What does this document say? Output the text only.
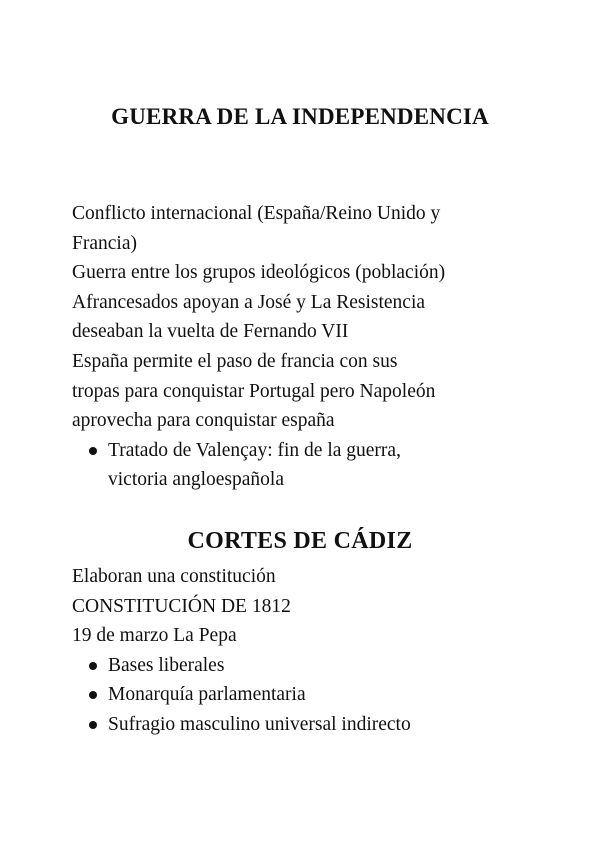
GUERRA DE LA INDEPENDENCIA
Conflicto internacional (España/Reino Unido y
Francia)
Guerra entre los grupos ideológicos (población)
Afrancesados apoyan a José y La Resistencia
deseaban la vuelta de Fernando VII
España permite el paso de francia con sus
tropas para conquistar Portugal pero Napoleón
aprovecha para conquistar españa
Tratado de Valençay: fin de la guerra,
victoria angloespañola
CORTES DE CÁDIZ
Elaboran una constitución
CONSTITUCIÓN DE 1812
19 de marzo La Pepa
Bases liberales
Monarquía parlamentaria
Sufragio masculino universal indirecto
